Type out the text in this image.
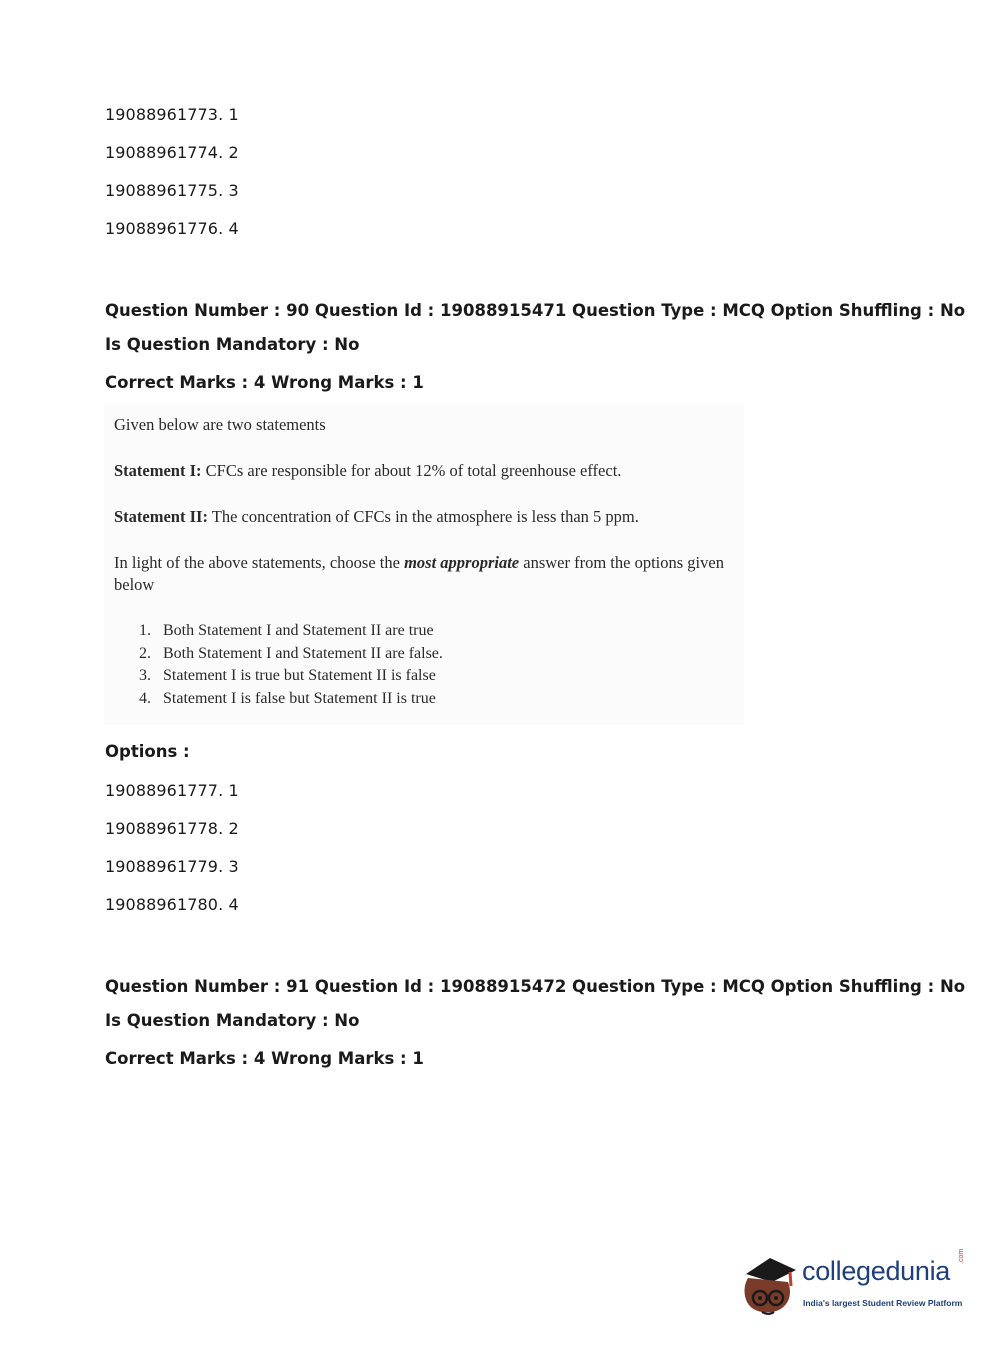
19088961773. 1
19088961774. 2
19088961775. 3
19088961776. 4
Question Number : 90 Question Id : 19088915471 Question Type : MCQ Option Shuffling : No
Is Question Mandatory : No
Correct Marks : 4 Wrong Marks : 1
Given below are two statements
Statement I: CFCs are responsible for about 12% of total greenhouse effect.
Statement II: The concentration of CFCs in the atmosphere is less than 5 ppm.
In light of the above statements, choose the most appropriate answer from the options given
below
1. Both Statement I and Statement II are true
2. Both Statement I and Statement II are false.
3. Statement I is true but Statement II is false
4. Statement I is false but Statement II is true
Options :
19088961777. 1
19088961778. 2
19088961779. 3
19088961780. 4
Question Number : 91 Question Id : 19088915472 Question Type : MCQ Option Shuffling : No
Is Question Mandatory : No
Correct Marks : 4 Wrong Marks : 1
collegedunia .com
India's largest Student Review Platform
